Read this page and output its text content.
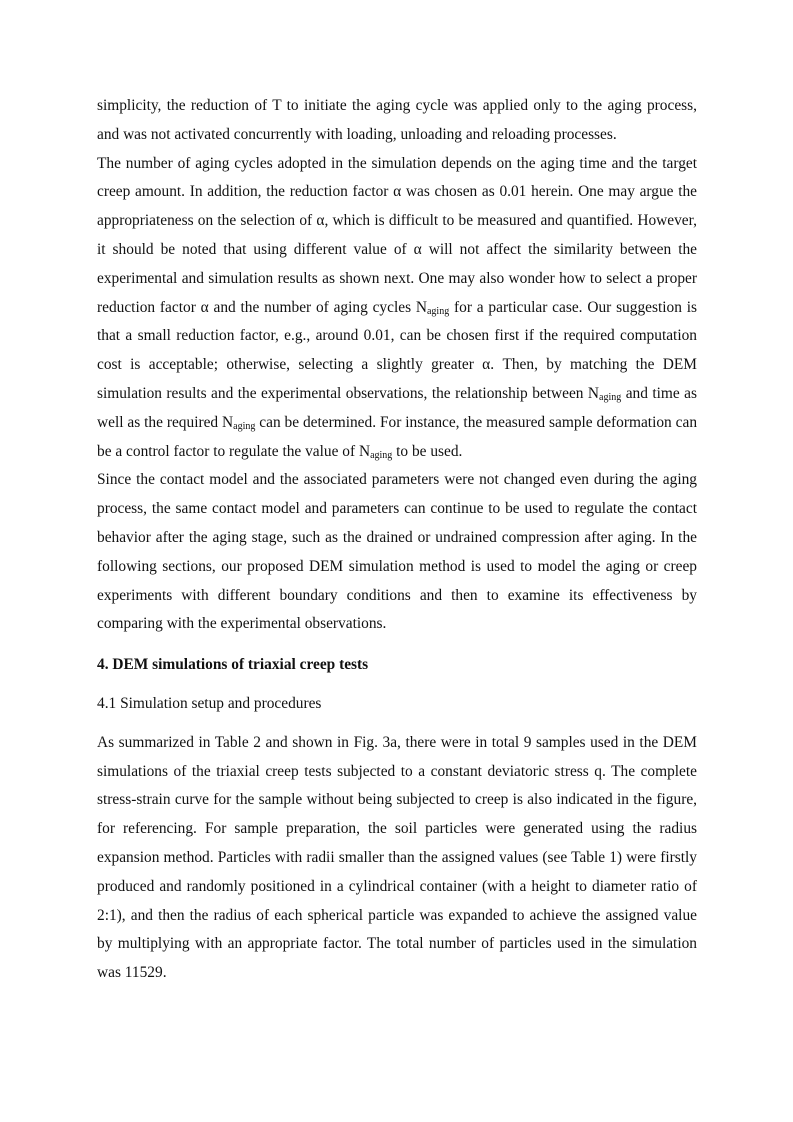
simplicity, the reduction of T to initiate the aging cycle was applied only to the aging process, and was not activated concurrently with loading, unloading and reloading processes.

The number of aging cycles adopted in the simulation depends on the aging time and the target creep amount. In addition, the reduction factor α was chosen as 0.01 herein. One may argue the appropriateness on the selection of α, which is difficult to be measured and quantified. However, it should be noted that using different value of α will not affect the similarity between the experimental and simulation results as shown next. One may also wonder how to select a proper reduction factor α and the number of aging cycles $N_{aging}$ for a particular case. Our suggestion is that a small reduction factor, e.g., around 0.01, can be chosen first if the required computation cost is acceptable; otherwise, selecting a slightly greater α. Then, by matching the DEM simulation results and the experimental observations, the relationship between $N_{aging}$ and time as well as the required $N_{aging}$ can be determined. For instance, the measured sample deformation can be a control factor to regulate the value of $N_{aging}$ to be used.

Since the contact model and the associated parameters were not changed even during the aging process, the same contact model and parameters can continue to be used to regulate the contact behavior after the aging stage, such as the drained or undrained compression after aging. In the following sections, our proposed DEM simulation method is used to model the aging or creep experiments with different boundary conditions and then to examine its effectiveness by comparing with the experimental observations.

4. DEM simulations of triaxial creep tests

4.1 Simulation setup and procedures

As summarized in Table 2 and shown in Fig. 3a, there were in total 9 samples used in the DEM simulations of the triaxial creep tests subjected to a constant deviatoric stress q. The complete stress-strain curve for the sample without being subjected to creep is also indicated in the figure, for referencing. For sample preparation, the soil particles were generated using the radius expansion method. Particles with radii smaller than the assigned values (see Table 1) were firstly produced and randomly positioned in a cylindrical container (with a height to diameter ratio of 2:1), and then the radius of each spherical particle was expanded to achieve the assigned value by multiplying with an appropriate factor. The total number of particles used in the simulation was 11529.
